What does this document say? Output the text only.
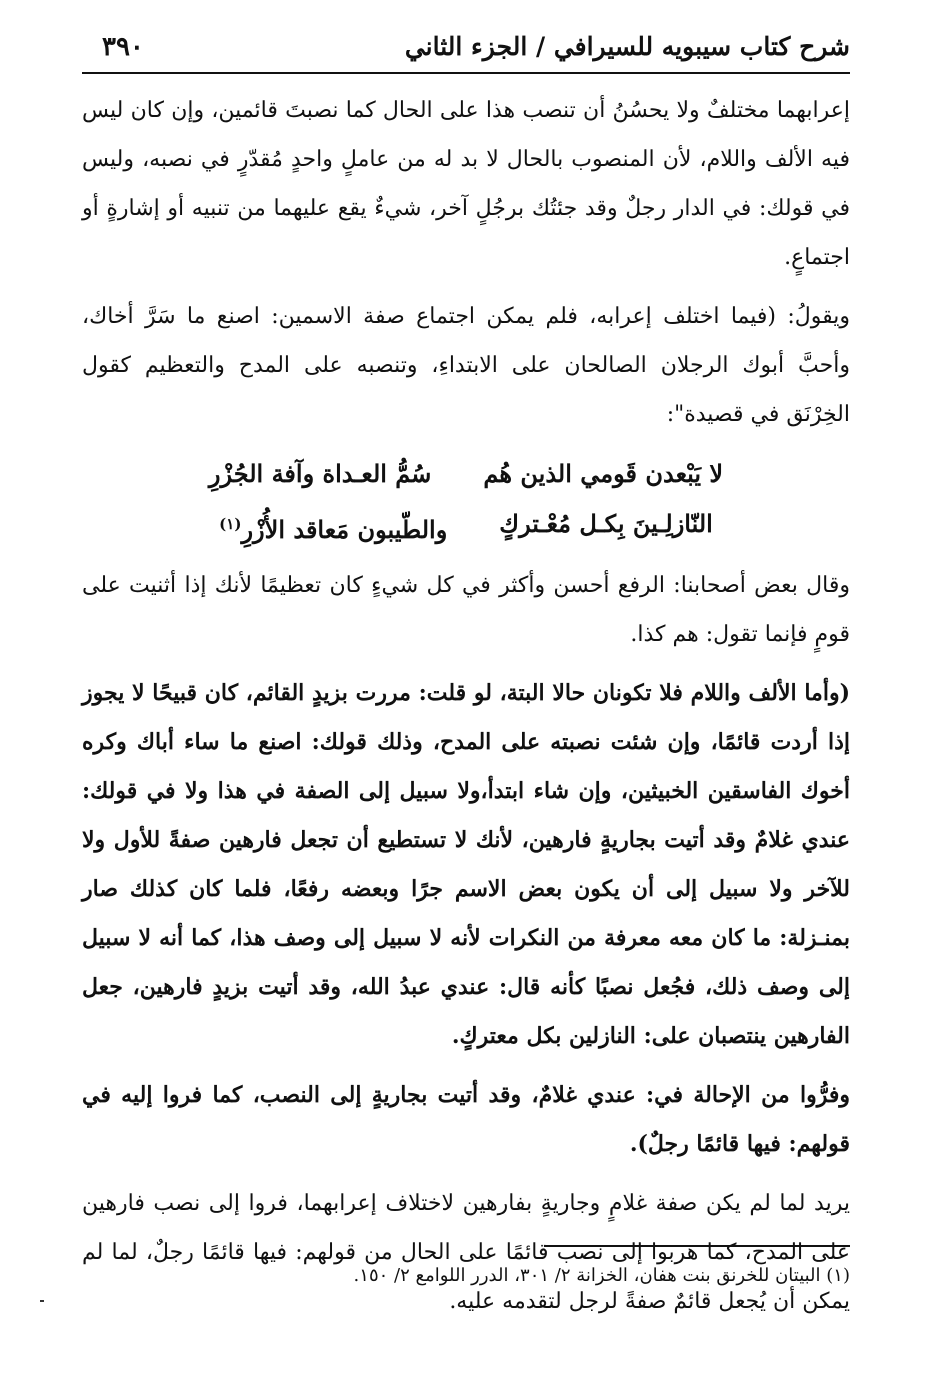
شرح كتاب سيبويه للسيرافي / الجزء الثاني
٣٩٠

إعرابهما مختلفٌ ولا يحسُنُ أن تنصب هذا على الحال كما نصبتَ قائمين، وإن كان ليس فيه الألف واللام، لأن المنصوب بالحال لا بد له من عاملٍ واحدٍ مُقدّرٍ في نصبه، وليس في قولك: في الدار رجلٌ وقد جئتُك برجُلٍ آخر، شيءٌ يقع عليهما من تنبيه أو إشارةٍ أو اجتماعٍ.

ويقولُ: (فيما اختلف إعرابه، فلم يمكن اجتماع صفة الاسمين: اصنع ما سَرَّ أخاك، وأحبَّ أبوك الرجلان الصالحان على الابتداءِ، وتنصبه على المدح والتعظيم كقول الخِرْنَق في قصيدة":

لا يَبْعدن قَومي الذين هُم
سُمُّ العـداة وآفة الجُزْرِ
النّازلِـينَ بِكـل مُعْـتركٍ
والطّيبون مَعاقد الأُزْرِ$^{(١)}$

وقال بعض أصحابنا: الرفع أحسن وأكثر في كل شيءٍ كان تعظيمًا لأنك إذا أثنيت على قومٍ فإنما تقول: هم كذا.

(وأما الألف واللام فلا تكونان حالا البتة، لو قلت: مررت بزيدٍ القائم، كان قبيحًا لا يجوز إذا أردت قائمًا، وإن شئت نصبته على المدح، وذلك قولك: اصنع ما ساء أباك وكره أخوك الفاسقين الخبيثين، وإن شاء ابتدأ،ولا سبيل إلى الصفة في هذا ولا في قولك: عندي غلامٌ وقد أتيت بجاريةٍ فارهين، لأنك لا تستطيع أن تجعل فارهين صفةً للأول ولا للآخر ولا سبيل إلى أن يكون بعض الاسم جرًا وبعضه رفعًا، فلما كان كذلك صار بمنـزلة: ما كان معه معرفة من النكرات لأنه لا سبيل إلى وصف هذا، كما أنه لا سبيل إلى وصف ذلك، فجُعل نصبًا كأنه قال: عندي عبدُ الله، وقد أتيت بزيدٍ فارهين، جعل الفارهين ينتصبان على: النازلين بكل معتركٍ.

وفرُّوا من الإحالة في: عندي غلامٌ، وقد أتيت بجاريةٍ إلى النصب، كما فروا إليه في قولهم: فيها قائمًا رجلٌ).

يريد لما لم يكن صفة غلامٍ وجاريةٍ بفارهين لاختلاف إعرابهما، فروا إلى نصب فارهين على المدح، كما هربوا إلى نصب قائمًا على الحال من قولهم: فيها قائمًا رجلٌ، لما لم يمكن أن يُجعل قائمٌ صفةً لرجل لتقدمه عليه.

(١) البيتان للخرنق بنت هفان، الخزانة ٢/ ٣٠١، الدرر اللوامع ٢/ ١٥٠.
